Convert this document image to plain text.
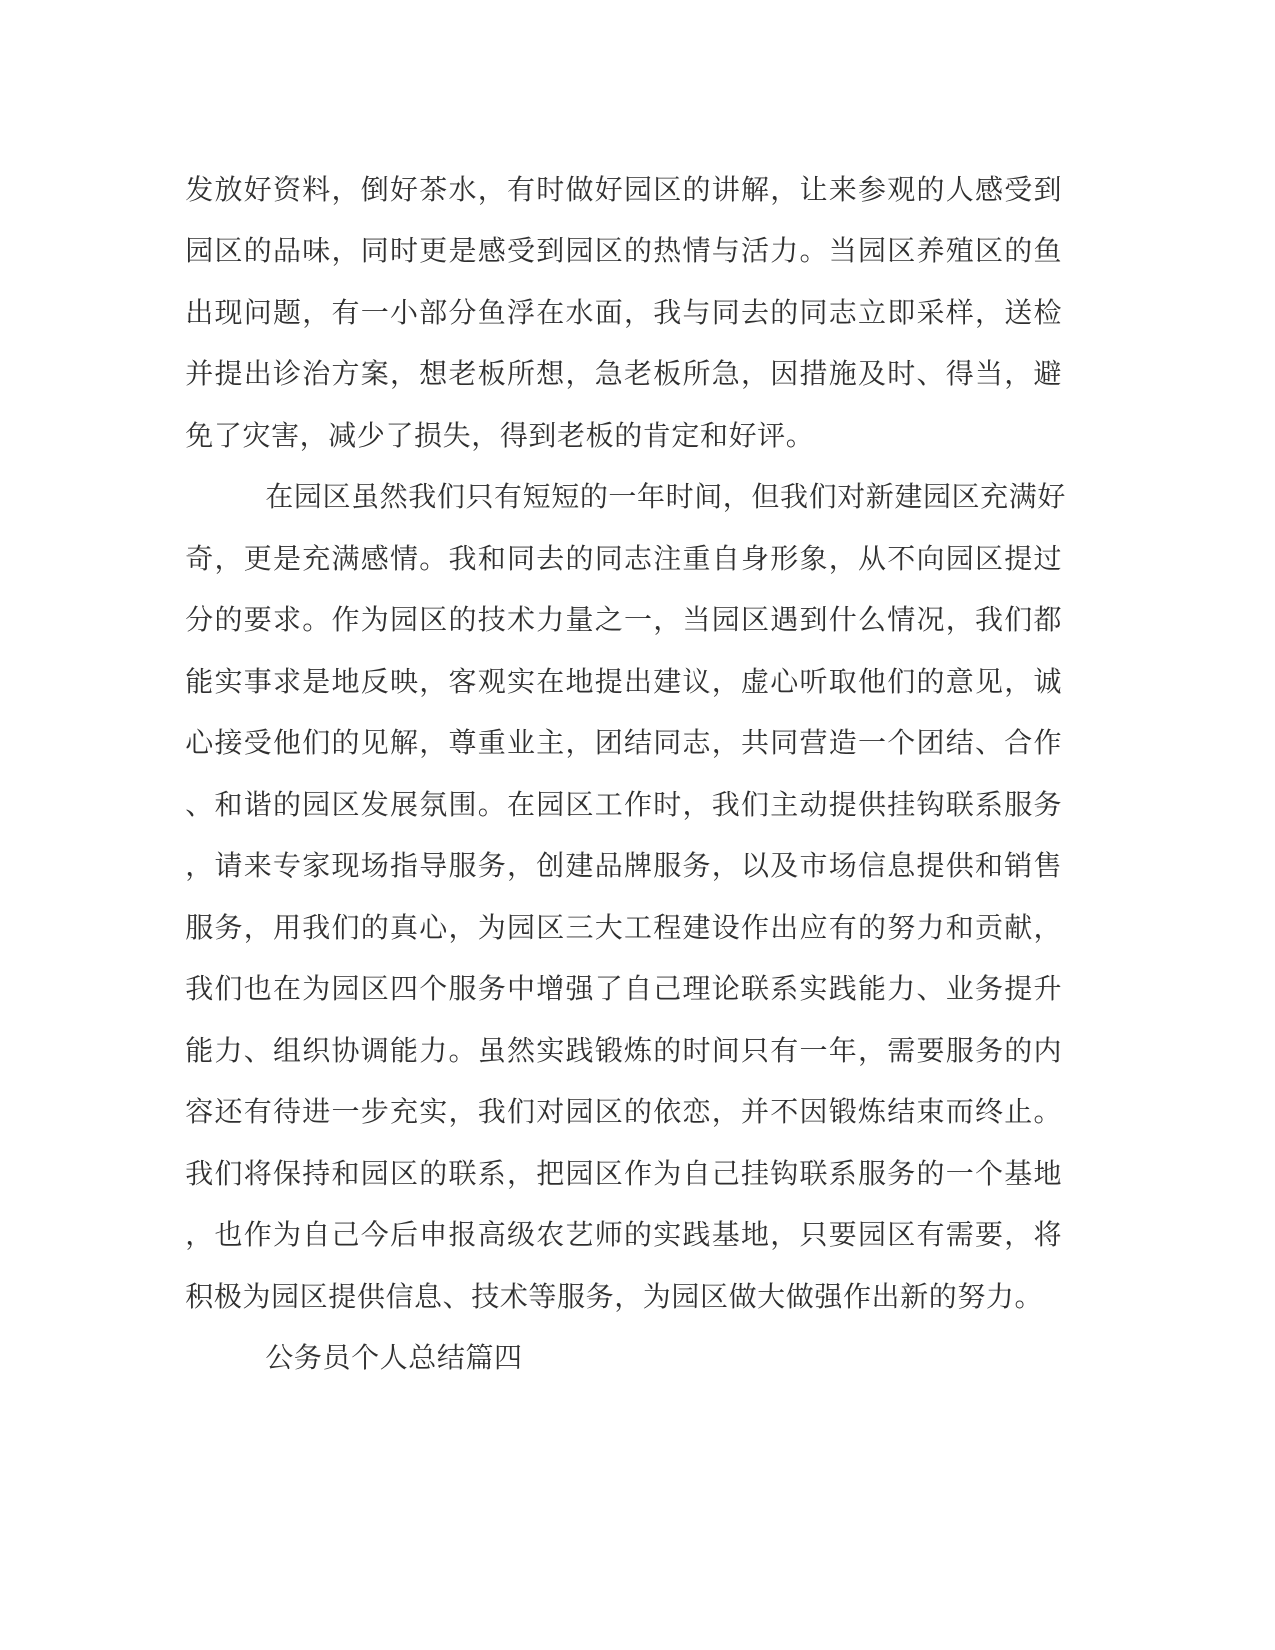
发 放 好 资 料 ， 倒 好 茶 水 ， 有 时 做 好 园 区 的 讲 解 ， 让 来 参 观 的 人 感 受 到
园 区 的 品 味 ， 同 时 更 是 感 受 到 园 区 的 热 情 与 活 力 。 当 园 区 养 殖 区 的 鱼
出 现 问 题 ， 有 一 小 部 分 鱼 浮 在 水 面 ， 我 与 同 去 的 同 志 立 即 采 样 ， 送 检
并 提 出 诊 治 方 案 ， 想 老 板 所 想 ， 急 老 板 所 急 ， 因 措 施 及 时 、 得 当 ， 避
免 了 灾 害 ， 减 少 了 损 失 ， 得 到 老 板 的 肯 定 和 好 评 。
在 园 区 虽 然 我 们 只 有 短 短 的 一 年 时 间 ， 但 我 们 对 新 建 园 区 充 满 好
奇 ， 更 是 充 满 感 情 。 我 和 同 去 的 同 志 注 重 自 身 形 象 ， 从 不 向 园 区 提 过
分 的 要 求 。 作 为 园 区 的 技 术 力 量 之 一 ， 当 园 区 遇 到 什 么 情 况 ， 我 们 都
能 实 事 求 是 地 反 映 ， 客 观 实 在 地 提 出 建 议 ， 虚 心 听 取 他 们 的 意 见 ， 诚
心 接 受 他 们 的 见 解 ， 尊 重 业 主 ， 团 结 同 志 ， 共 同 营 造 一 个 团 结 、 合 作
、 和 谐 的 园 区 发 展 氛 围 。 在 园 区 工 作 时 ， 我 们 主 动 提 供 挂 钩 联 系 服 务
， 请 来 专 家 现 场 指 导 服 务 ， 创 建 品 牌 服 务 ， 以 及 市 场 信 息 提 供 和 销 售
服 务 ， 用 我 们 的 真 心 ， 为 园 区 三 大 工 程 建 设 作 出 应 有 的 努 力 和 贡 献 ，
我 们 也 在 为 园 区 四 个 服 务 中 增 强 了 自 己 理 论 联 系 实 践 能 力 、 业 务 提 升
能 力 、 组 织 协 调 能 力 。 虽 然 实 践 锻 炼 的 时 间 只 有 一 年 ， 需 要 服 务 的 内
容 还 有 待 进 一 步 充 实 ， 我 们 对 园 区 的 依 恋 ， 并 不 因 锻 炼 结 束 而 终 止 。
我 们 将 保 持 和 园 区 的 联 系 ， 把 园 区 作 为 自 己 挂 钩 联 系 服 务 的 一 个 基 地
， 也 作 为 自 己 今 后 申 报 高 级 农 艺 师 的 实 践 基 地 ， 只 要 园 区 有 需 要 ， 将
积 极 为 园 区 提 供 信 息 、 技 术 等 服 务 ， 为 园 区 做 大 做 强 作 出 新 的 努 力 。
公 务 员 个 人 总 结 篇 四
